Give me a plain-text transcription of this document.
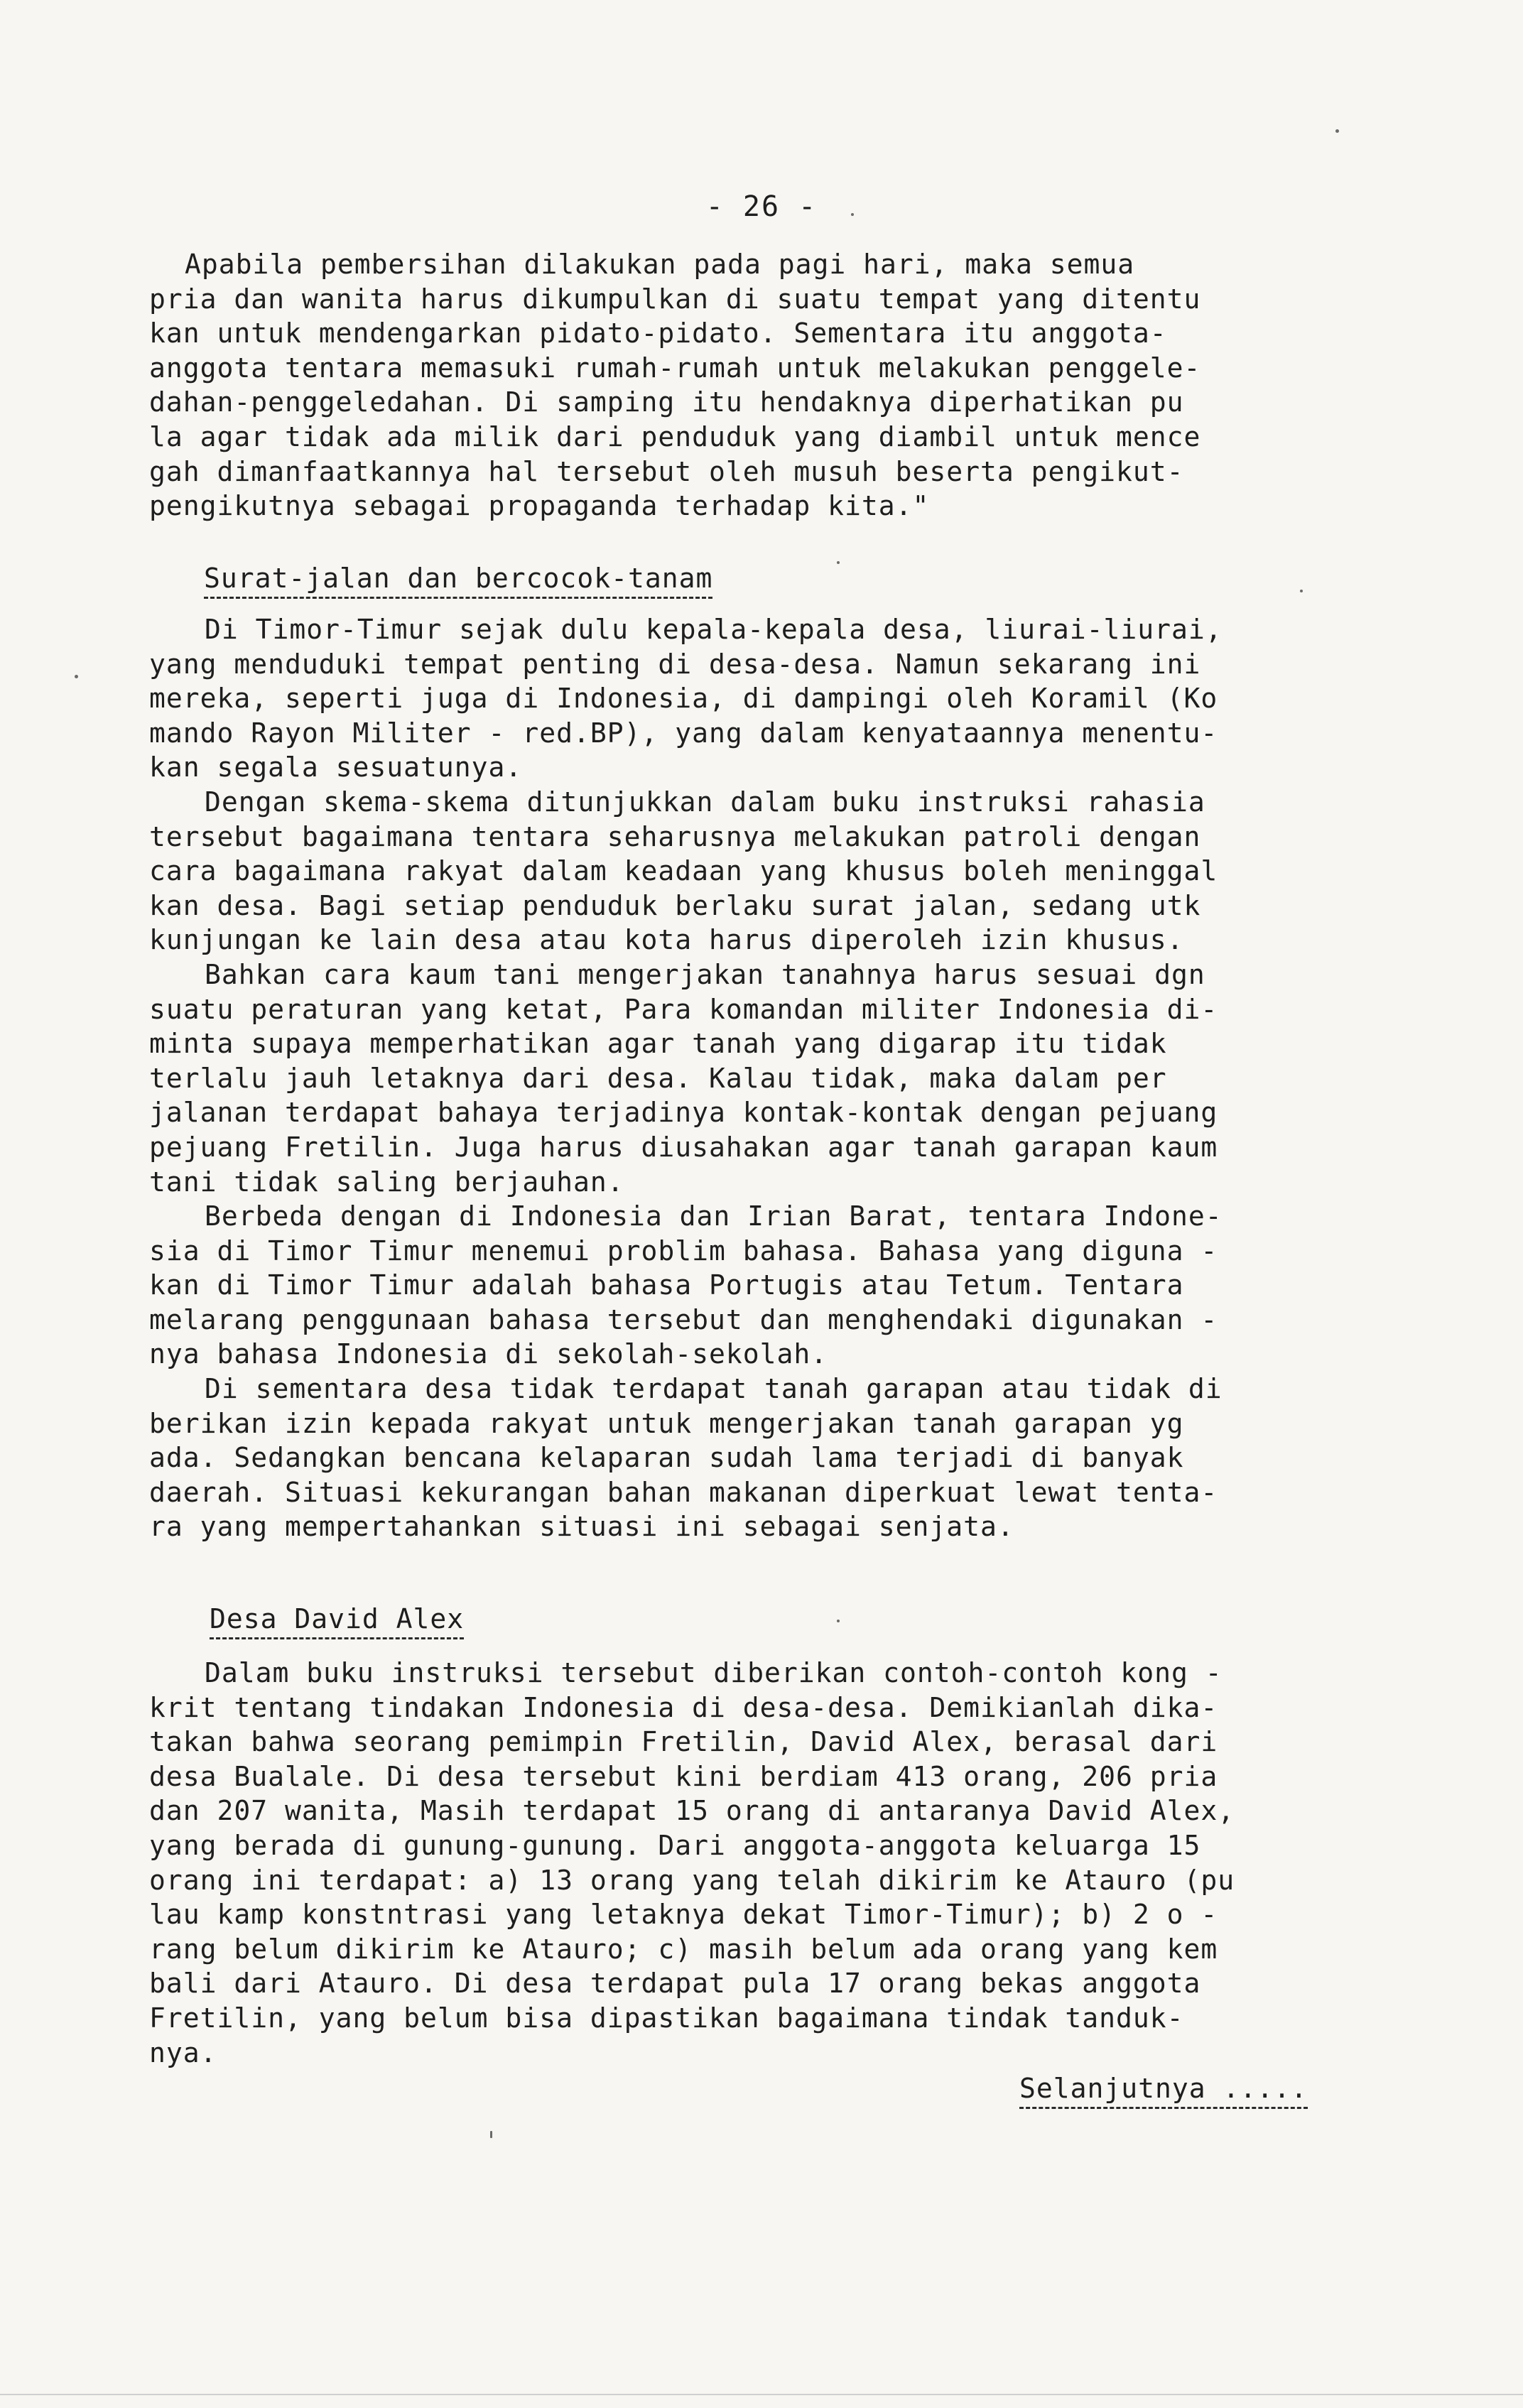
- 26 -
Apabila pembersihan dilakukan pada pagi hari, maka semua
pria dan wanita harus dikumpulkan di suatu tempat yang ditentu
kan untuk mendengarkan pidato-pidato. Sementara itu anggota-
anggota tentara memasuki rumah-rumah untuk melakukan penggele-
dahan-penggeledahan. Di samping itu hendaknya diperhatikan pu
la agar tidak ada milik dari penduduk yang diambil untuk mence
gah dimanfaatkannya hal tersebut oleh musuh beserta pengikut-
pengikutnya sebagai propaganda terhadap kita."
Surat-jalan dan bercocok-tanam
Di Timor-Timur sejak dulu kepala-kepala desa, liurai-liurai,
yang menduduki tempat penting di desa-desa. Namun sekarang ini
mereka, seperti juga di Indonesia, di dampingi oleh Koramil (Ko
mando Rayon Militer - red.BP), yang dalam kenyataannya menentu-
kan segala sesuatunya.
Dengan skema-skema ditunjukkan dalam buku instruksi rahasia
tersebut bagaimana tentara seharusnya melakukan patroli dengan
cara bagaimana rakyat dalam keadaan yang khusus boleh meninggal
kan desa. Bagi setiap penduduk berlaku surat jalan, sedang utk
kunjungan ke lain desa atau kota harus diperoleh izin khusus.
Bahkan cara kaum tani mengerjakan tanahnya harus sesuai dgn
suatu peraturan yang ketat, Para komandan militer Indonesia di-
minta supaya memperhatikan agar tanah yang digarap itu tidak
terlalu jauh letaknya dari desa. Kalau tidak, maka dalam per
jalanan terdapat bahaya terjadinya kontak-kontak dengan pejuang
pejuang Fretilin. Juga harus diusahakan agar tanah garapan kaum
tani tidak saling berjauhan.
Berbeda dengan di Indonesia dan Irian Barat, tentara Indone-
sia di Timor Timur menemui problim bahasa. Bahasa yang diguna -
kan di Timor Timur adalah bahasa Portugis atau Tetum. Tentara
melarang penggunaan bahasa tersebut dan menghendaki digunakan -
nya bahasa Indonesia di sekolah-sekolah.
Di sementara desa tidak terdapat tanah garapan atau tidak di
berikan izin kepada rakyat untuk mengerjakan tanah garapan yg
ada. Sedangkan bencana kelaparan sudah lama terjadi di banyak
daerah. Situasi kekurangan bahan makanan diperkuat lewat tenta-
ra yang mempertahankan situasi ini sebagai senjata.
Desa David Alex
Dalam buku instruksi tersebut diberikan contoh-contoh kong -
krit tentang tindakan Indonesia di desa-desa. Demikianlah dika-
takan bahwa seorang pemimpin Fretilin, David Alex, berasal dari
desa Bualale. Di desa tersebut kini berdiam 413 orang, 206 pria
dan 207 wanita, Masih terdapat 15 orang di antaranya David Alex,
yang berada di gunung-gunung. Dari anggota-anggota keluarga 15
orang ini terdapat: a) 13 orang yang telah dikirim ke Atauro (pu
lau kamp konstntrasi yang letaknya dekat Timor-Timur); b) 2 o -
rang belum dikirim ke Atauro; c) masih belum ada orang yang kem
bali dari Atauro. Di desa terdapat pula 17 orang bekas anggota
Fretilin, yang belum bisa dipastikan bagaimana tindak tanduk-
nya.
Selanjutnya .....
